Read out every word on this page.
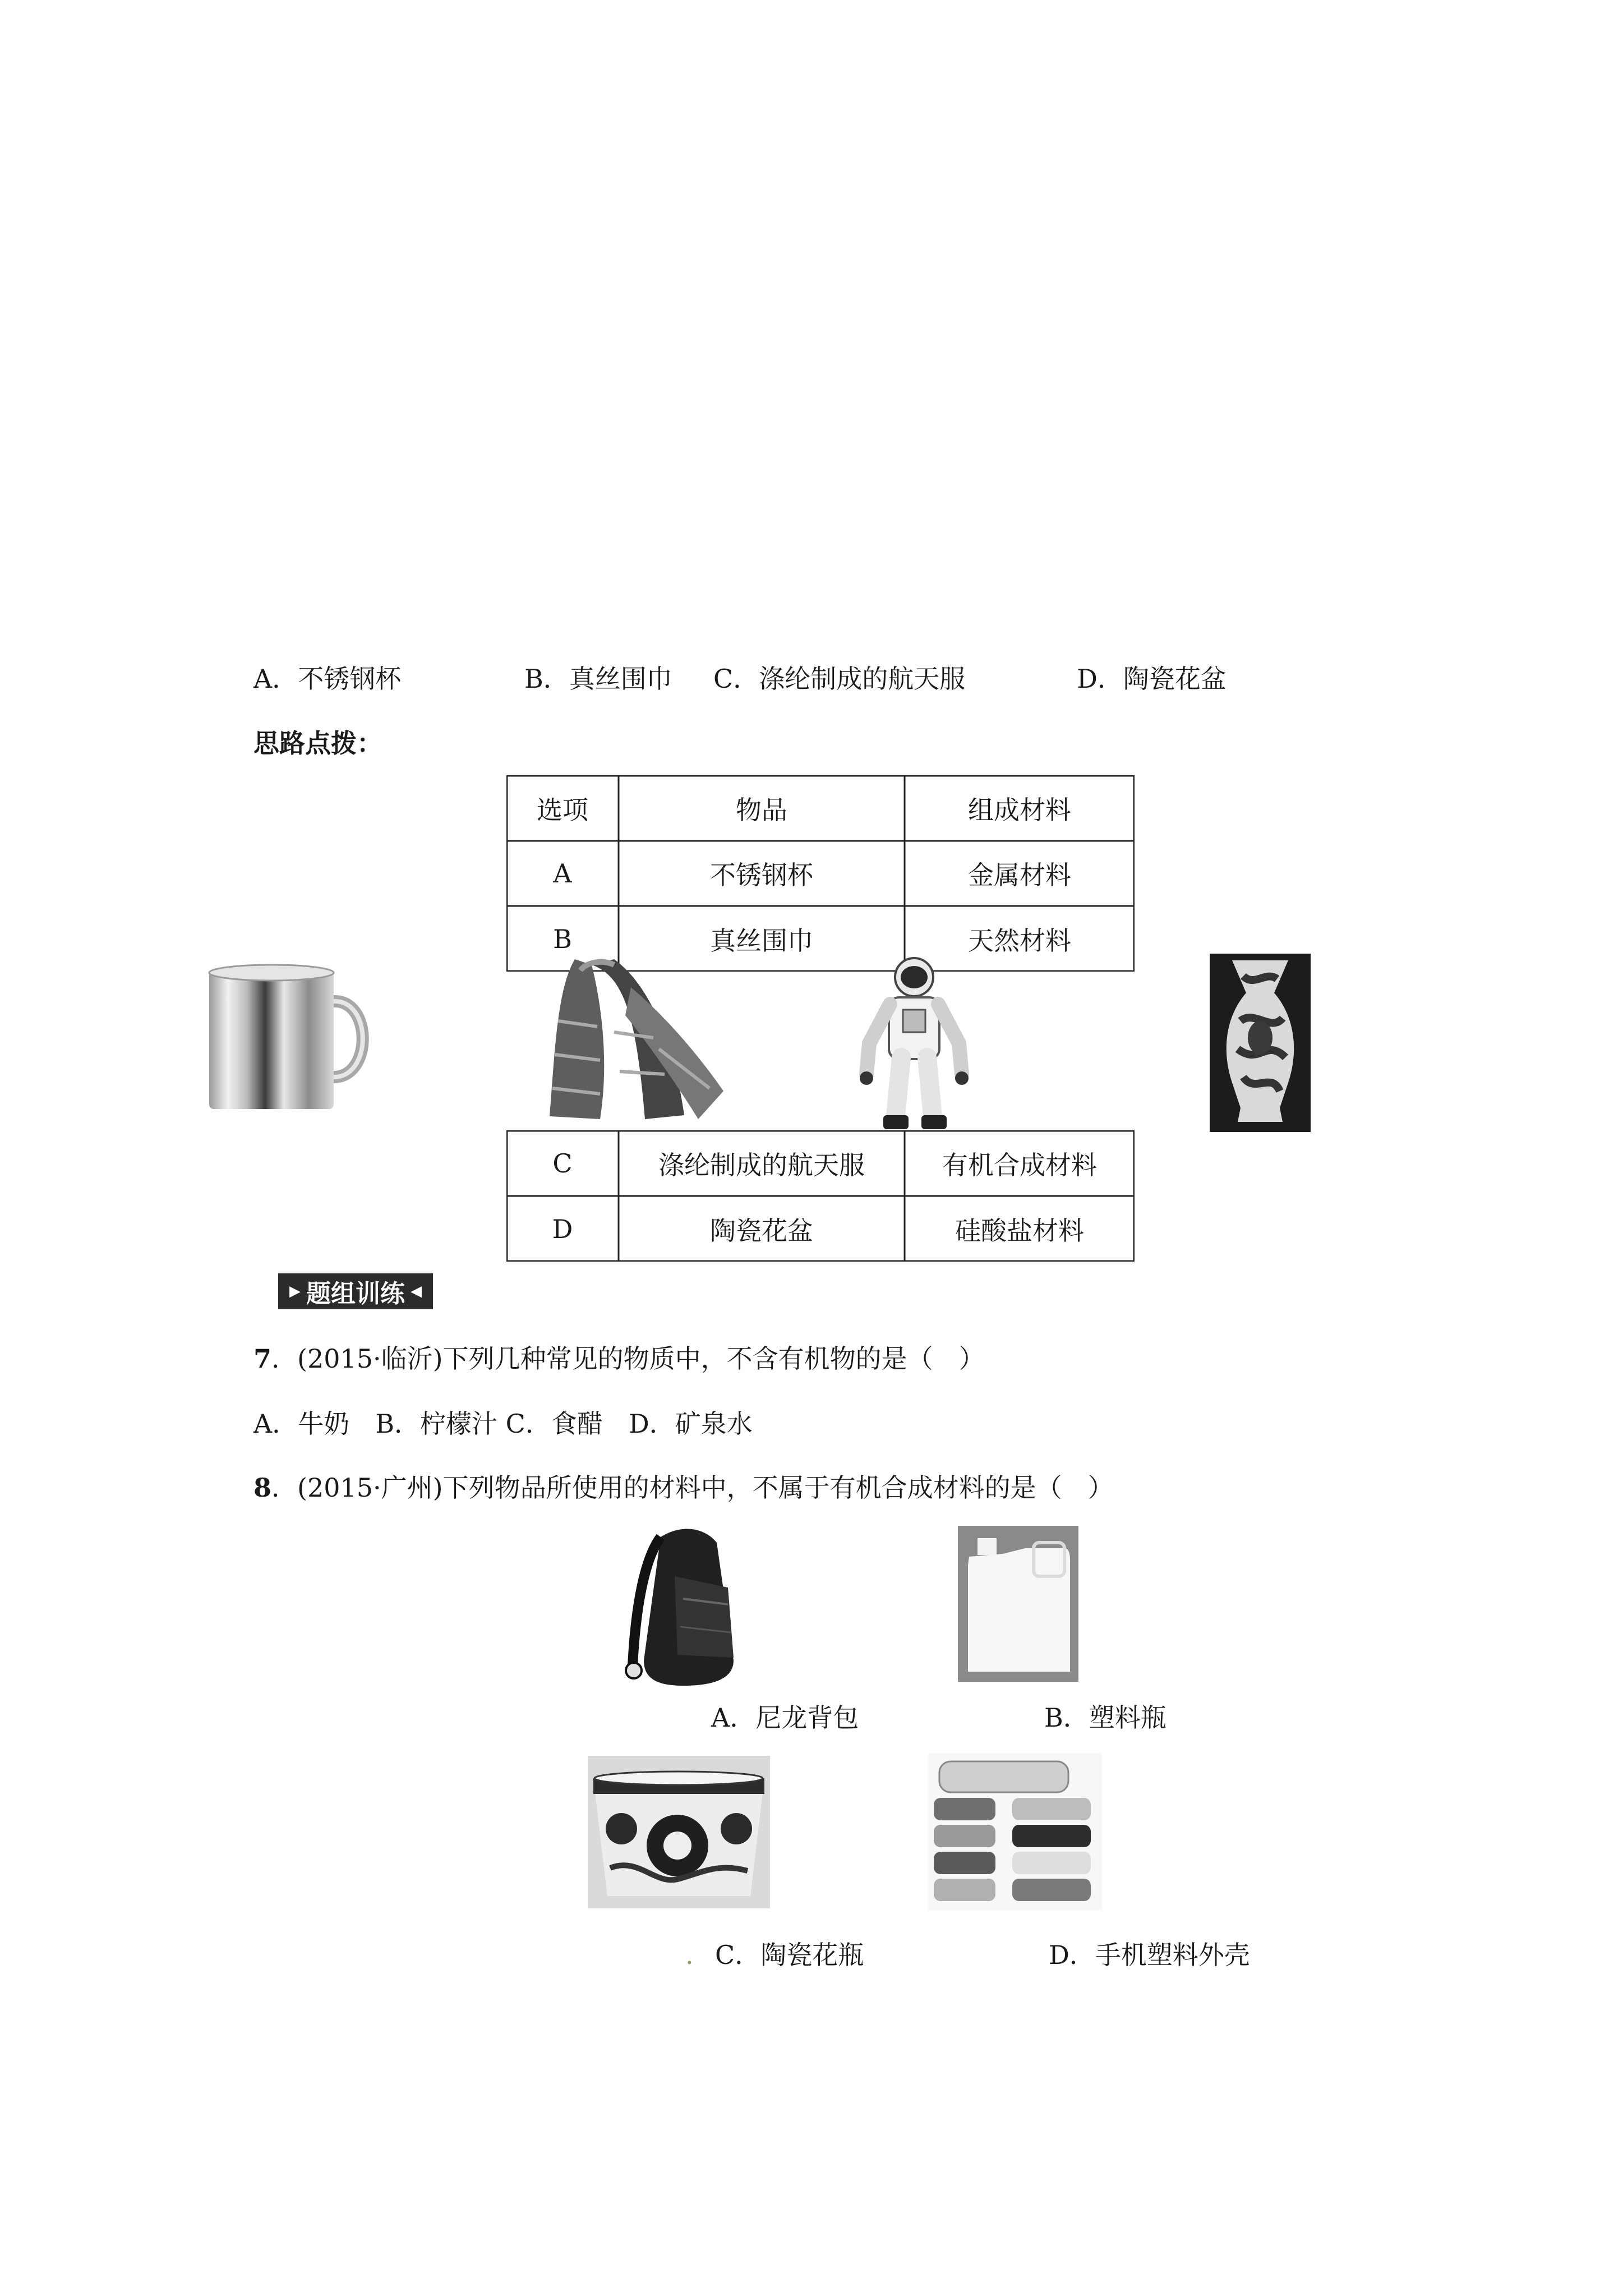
A．不锈钢杯	B．真丝围巾 C．涤纶制成的航天服	D．陶瓷花盆
思路点拨：
选项	物品	组成材料
A	不锈钢杯	金属材料
B	真丝围巾	天然材料
C	涤纶制成的航天服	有机合成材料
D	陶瓷花盆	硅酸盐材料
▶ 题组训练 ◀
7．(2015·临沂)下列几种常见的物质中，不含有机物的是（　）
A．牛奶　B．柠檬汁 C．食醋　D．矿泉水
8．(2015·广州)下列物品所使用的材料中，不属于有机合成材料的是（　）
A．尼龙背包	B．塑料瓶
. C．陶瓷花瓶	D．手机塑料外壳
